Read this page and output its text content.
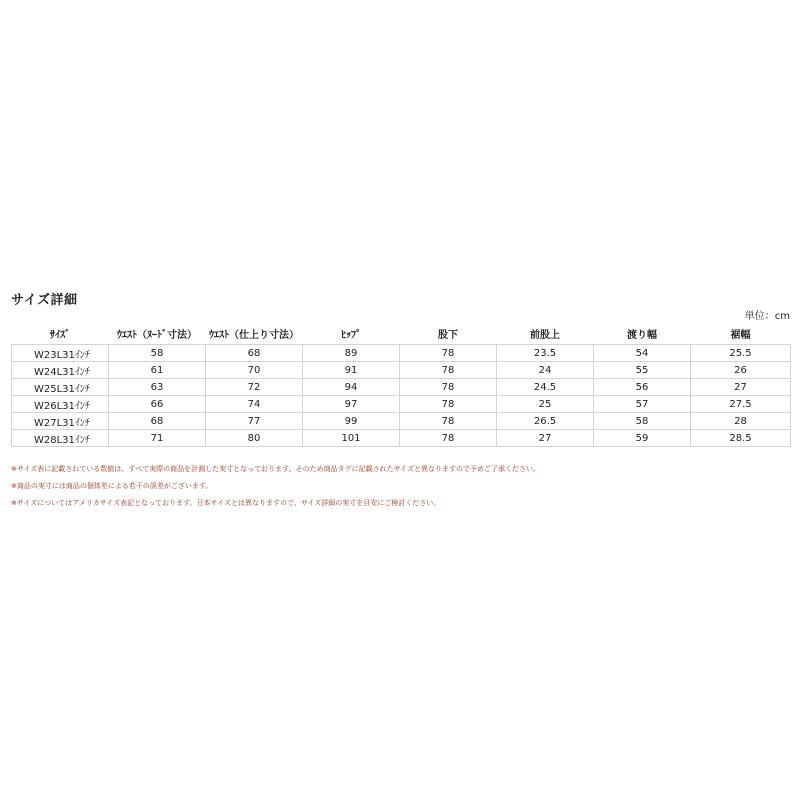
サイズ詳細
単位：cm
ｻｲｽﾞ	ｳｴｽﾄ（ﾇｰﾄﾞ寸法）	ｳｴｽﾄ（仕上り寸法）	ﾋｯﾌﾟ	股下	前股上	渡り幅	裾幅
W23L31ｲﾝﾁ	58	68	89	78	23.5	54	25.5
W24L31ｲﾝﾁ	61	70	91	78	24	55	26
W25L31ｲﾝﾁ	63	72	94	78	24.5	56	27
W26L31ｲﾝﾁ	66	74	97	78	25	57	27.5
W27L31ｲﾝﾁ	68	77	99	78	26.5	58	28
W28L31ｲﾝﾁ	71	80	101	78	27	59	28.5
※サイズ表に記載されている数値は、すべて実際の商品を計測した実寸となっております。そのため商品タグに記載されたサイズと異なりますので予めご了承ください。
※商品の実寸には商品の個体差による若干の誤差がございます。
※サイズについてはアメリカサイズ表記となっております。日本サイズとは異なりますので、サイズ詳細の実寸を目安にご検討ください。
